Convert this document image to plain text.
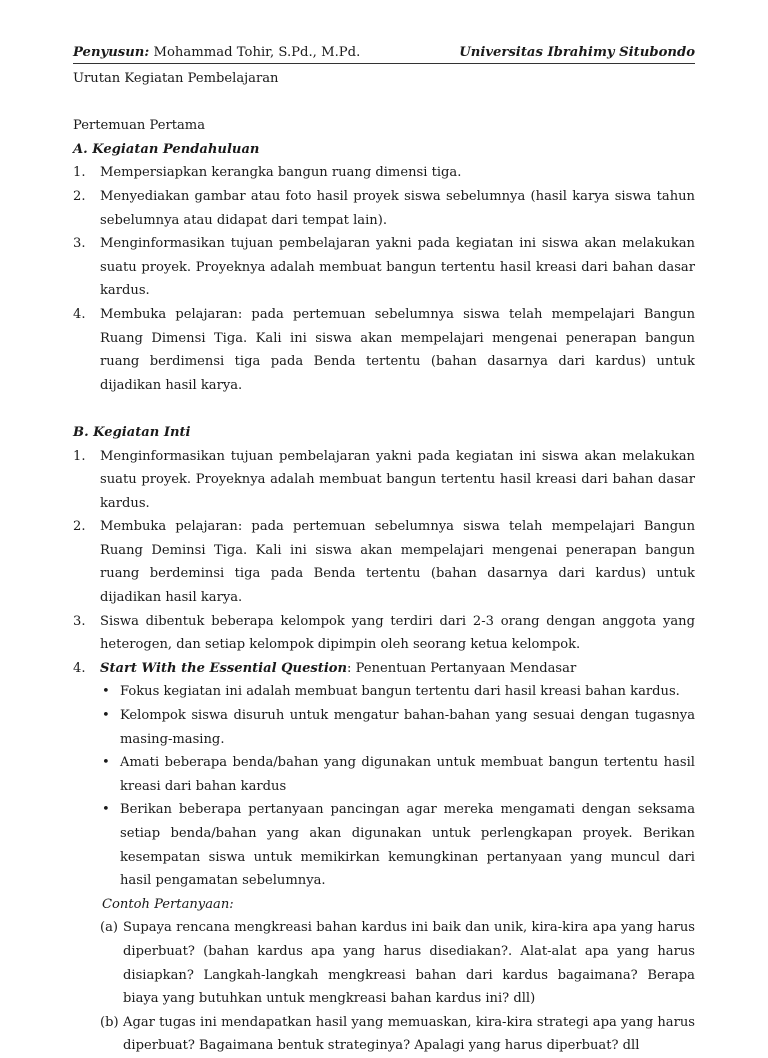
Penyusun: Mohammad Tohir, S.Pd., M.Pd.	Universitas Ibrahimy Situbondo

Urutan Kegiatan Pembelajaran

Pertemuan Pertama

A. Kegiatan Pendahuluan

1. Mempersiapkan kerangka bangun ruang dimensi tiga.

2. Menyediakan gambar atau foto hasil proyek siswa sebelumnya (hasil karya siswa tahun sebelumnya atau didapat dari tempat lain).

3. Menginformasikan tujuan pembelajaran yakni pada kegiatan ini siswa akan melakukan suatu proyek. Proyeknya adalah membuat bangun tertentu hasil kreasi dari bahan dasar kardus.

4. Membuka pelajaran: pada pertemuan sebelumnya siswa telah mempelajari Bangun Ruang Dimensi Tiga. Kali ini siswa akan mempelajari mengenai penerapan bangun ruang berdimensi tiga pada Benda tertentu (bahan dasarnya dari kardus) untuk dijadikan hasil karya.

B. Kegiatan Inti

1. Menginformasikan tujuan pembelajaran yakni pada kegiatan ini siswa akan melakukan suatu proyek. Proyeknya adalah membuat bangun tertentu hasil kreasi dari bahan dasar kardus.

2. Membuka pelajaran: pada pertemuan sebelumnya siswa telah mempelajari Bangun Ruang Deminsi Tiga. Kali ini siswa akan mempelajari mengenai penerapan bangun ruang berdeminsi tiga pada Benda tertentu (bahan dasarnya dari kardus) untuk dijadikan hasil karya.

3. Siswa dibentuk beberapa kelompok yang terdiri dari 2-3 orang dengan anggota yang heterogen, dan setiap kelompok dipimpin oleh seorang ketua kelompok.

4. Start With the Essential Question: Penentuan Pertanyaan Mendasar

• Fokus kegiatan ini adalah membuat bangun tertentu dari hasil kreasi bahan kardus.

• Kelompok siswa disuruh untuk mengatur bahan-bahan yang sesuai dengan tugasnya masing-masing.

• Amati beberapa benda/bahan yang digunakan untuk membuat bangun tertentu hasil kreasi dari bahan kardus

• Berikan beberapa pertanyaan pancingan agar mereka mengamati dengan seksama setiap benda/bahan yang akan digunakan untuk perlengkapan proyek. Berikan kesempatan siswa untuk memikirkan kemungkinan pertanyaan yang muncul dari hasil pengamatan sebelumnya.

Contoh Pertanyaan:

(a) Supaya rencana mengkreasi bahan kardus ini baik dan unik, kira-kira apa yang harus diperbuat? (bahan kardus apa yang harus disediakan?. Alat-alat apa yang harus disiapkan? Langkah-langkah mengkreasi bahan dari kardus bagaimana? Berapa biaya yang butuhkan untuk mengkreasi bahan kardus ini? dll)

(b) Agar tugas ini mendapatkan hasil yang memuaskan, kira-kira strategi apa yang harus diperbuat? Bagaimana bentuk strateginya? Apalagi yang harus diperbuat? dll
